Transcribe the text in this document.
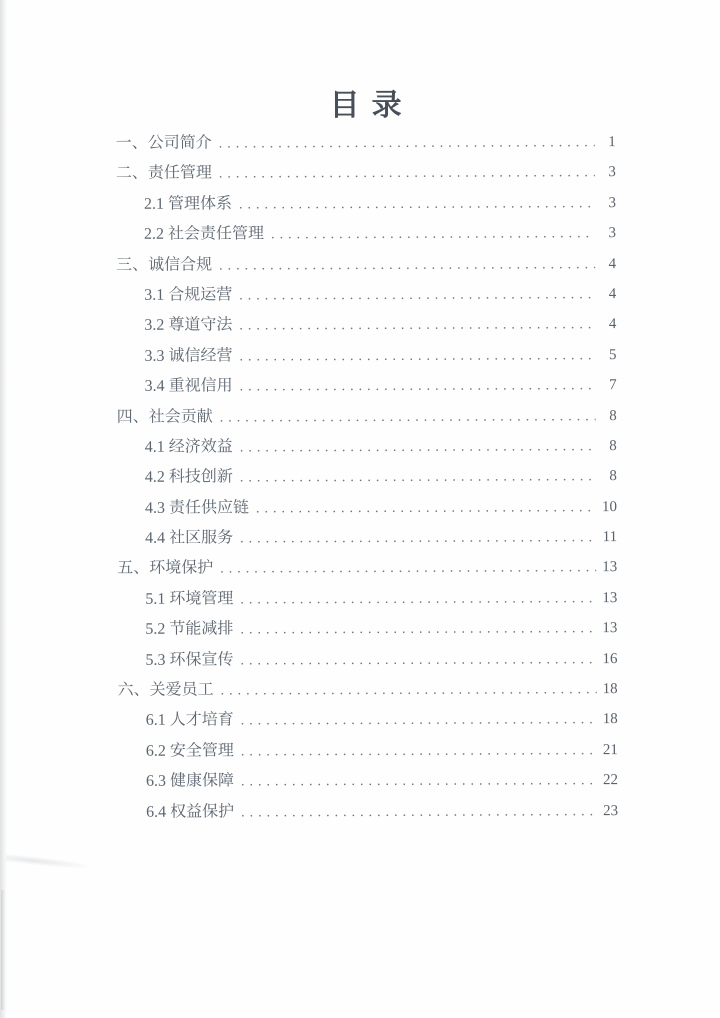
目录
一、公司简介 .....	1
二、责任管理 .....	3
2.1 管理体系 .....	3
2.2 社会责任管理 .....	3
三、诚信合规 .....	4
3.1 合规运营 .....	4
3.2 尊道守法 .....	4
3.3 诚信经营 .....	5
3.4 重视信用 .....	7
四、社会贡献 .....	8
4.1 经济效益 .....	8
4.2 科技创新 .....	8
4.3 责任供应链 .....	10
4.4 社区服务 .....	11
五、环境保护 .....	13
5.1 环境管理 .....	13
5.2 节能减排 .....	13
5.3 环保宣传 .....	16
六、关爱员工 .....	18
6.1 人才培育 .....	18
6.2 安全管理 .....	21
6.3 健康保障 .....	22
6.4 权益保护 .....	23
